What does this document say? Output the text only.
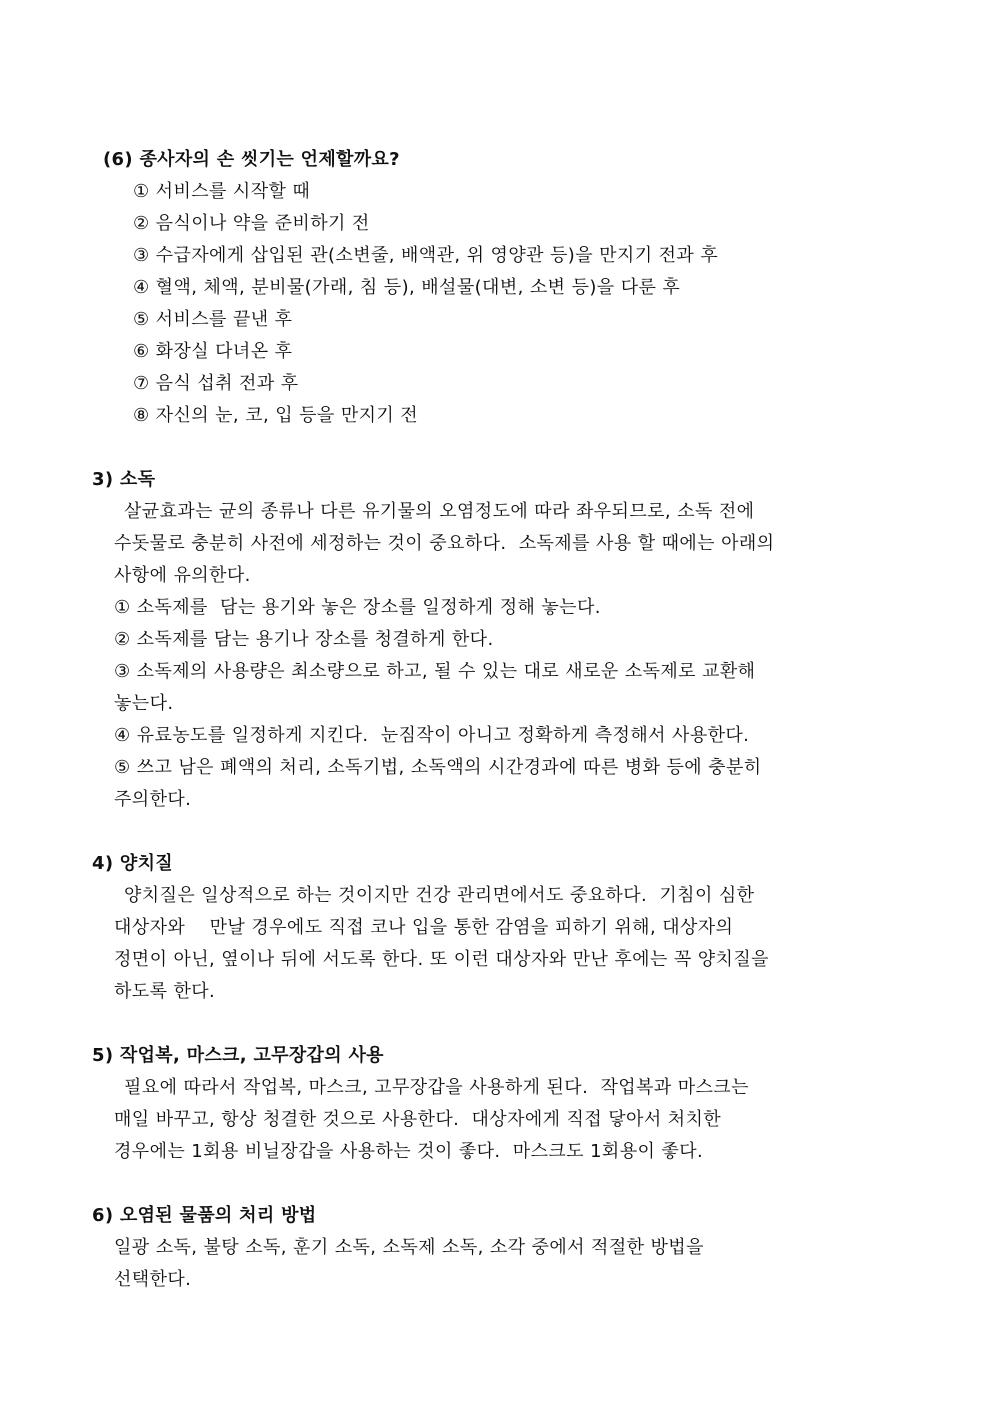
(6) 종사자의 손 씻기는 언제할까요?
① 서비스를 시작할 때
② 음식이나 약을 준비하기 전
③ 수급자에게 삽입된 관(소변줄, 배액관, 위 영양관 등)을 만지기 전과 후
④ 혈액, 체액, 분비물(가래, 침 등), 배설물(대변, 소변 등)을 다룬 후
⑤ 서비스를 끝낸 후
⑥ 화장실 다녀온 후
⑦ 음식 섭취 전과 후
⑧ 자신의 눈, 코, 입 등을 만지기 전
3) 소독
살균효과는 균의 종류나 다른 유기물의 오염정도에 따라 좌우되므로, 소독 전에
수돗물로 충분히 사전에 세정하는 것이 중요하다.  소독제를 사용 할 때에는 아래의
사항에 유의한다.
① 소독제를  담는 용기와 놓은 장소를 일정하게 정해 놓는다.
② 소독제를 담는 용기나 장소를 청결하게 한다.
③ 소독제의 사용량은 최소량으로 하고, 될 수 있는 대로 새로운 소독제로 교환해
놓는다.
④ 유료농도를 일정하게 지킨다.  눈짐작이 아니고 정확하게 측정해서 사용한다.
⑤ 쓰고 남은 폐액의 처리, 소독기법, 소독액의 시간경과에 따른 병화 등에 충분히
주의한다.
4) 양치질
양치질은 일상적으로 하는 것이지만 건강 관리면에서도 중요하다.  기침이 심한
대상자와    만날 경우에도 직접 코나 입을 통한 감염을 피하기 위해, 대상자의
정면이 아닌, 옆이나 뒤에 서도록 한다. 또 이런 대상자와 만난 후에는 꼭 양치질을
하도록 한다.
5) 작업복, 마스크, 고무장갑의 사용
필요에 따라서 작업복, 마스크, 고무장갑을 사용하게 된다.  작업복과 마스크는
매일 바꾸고, 항상 청결한 것으로 사용한다.  대상자에게 직접 닿아서 처치한
경우에는 1회용 비닐장갑을 사용하는 것이 좋다.  마스크도 1회용이 좋다.
6) 오염된 물품의 처리 방법
일광 소독, 불탕 소독, 훈기 소독, 소독제 소독, 소각 중에서 적절한 방법을
선택한다.
